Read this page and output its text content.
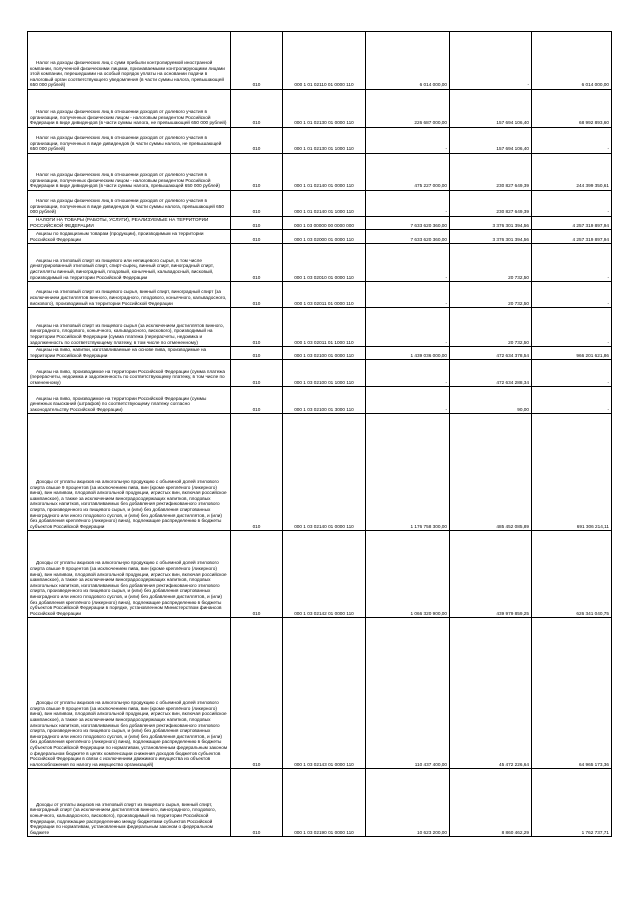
Налог на доходы физических лиц с сумм прибыли контролируемой иностранной компании, полученной физическими лицами, признаваемыми контролирующими лицами этой компании, перешедшими на особый порядок уплаты на основании подачи в налоговый орган соответствующего уведомления (в части суммы налога, превышающей 650 000 рублей)	010	000 1 01 02110 01 0000 110	6 014 000,00	-	6 014 000,00

Налог на доходы физических лиц в отношении доходов от долевого участия в организации, полученных физическим лицом - налоговым резидентом Российской Федерации в виде дивидендов (в части суммы налога, не превышающей 650 000 рублей)	010	000 1 01 02130 01 0000 110	226 687 000,00	157 694 106,40	68 992 893,60

Налог на доходы физических лиц в отношении доходов от долевого участия в организации, полученных в виде дивидендов (в части суммы налога, не превышающей 650 000 рублей)	010	000 1 01 02130 01 1000 110	-	157 694 106,40	-

Налог на доходы физических лиц в отношении доходов от долевого участия в организации, полученных физическим лицом - налоговым резидентом Российской Федерации в виде дивидендов (в части суммы налога, превышающей 650 000 рублей)	010	000 1 01 02140 01 0000 110	475 227 000,00	230 827 649,39	244 399 350,61

Налог на доходы физических лиц в отношении доходов от долевого участия в организации, полученных в виде дивидендов (в части суммы налога, превышающей 650 000 рублей)	010	000 1 01 02140 01 1000 110	-	230 827 649,39	-

НАЛОГИ НА ТОВАРЫ (РАБОТЫ, УСЛУГИ), РЕАЛИЗУЕМЫЕ НА ТЕРРИТОРИИ РОССИЙСКОЙ ФЕДЕРАЦИИ	010	000 1 03 00000 00 0000 000	7 633 620 360,00	3 376 301 394,56	4 257 319 897,94

Акцизы по подакцизным товарам (продукции), производимым на территории Российской Федерации	010	000 1 03 02000 01 0000 110	7 633 620 360,00	3 376 301 394,56	4 257 319 897,94

Акцизы на этиловый спирт из пищевого или непищевого сырья, в том числе денатурированный этиловый спирт, спирт-сырец, винный спирт, виноградный спирт, дистилляты винный, виноградный, плодовый, коньячный, кальвадосный, висковый, производимый на территории Российской Федерации	010	000 1 03 02010 01 0000 110	-	20 732,50	-

Акцизы на этиловый спирт из пищевого сырья, винный спирт, виноградный спирт (за исключением дистиллятов винного, виноградного, плодового, коньячного, кальвадосного, вискового), производимый на территории Российской Федерации	010	000 1 03 02011 01 0000 110	-	20 732,50	-

Акцизы на этиловый спирт из пищевого сырья (за исключением дистиллятов винного, виноградного, плодового, коньячного, кальвадосного, вискового), производимый на территории Российской Федерации (сумма платежа (перерасчеты, недоимка и задолженность по соответствующему платежу, в том числе по отмененному)	010	000 1 03 02011 01 1000 110	-	20 732,50	-

Акцизы на пиво, напитки, изготавливаемые на основе пива, производимые на территории Российской Федерации	010	000 1 03 02100 01 0000 110	1 439 036 000,00	472 634 378,54	966 201 621,86

Акцизы на пиво, производимое на территории Российской Федерации (сумма платежа (перерасчеты, недоимка и задолженность по соответствующему платежу, в том числе по отмененному)	010	000 1 03 02100 01 1000 110	-	472 634 288,34	-

Акцизы на пиво, производимое на территории Российской Федерации (суммы денежных взысканий (штрафов) по соответствующему платежу согласно законодательству Российской Федерации)	010	000 1 03 02100 01 3000 110	-	90,00	-

Доходы от уплаты акцизов на алкогольную продукцию с объемной долей этилового спирта свыше 9 процентов (за исключением пива, вин (кроме креплёного (ликерного) вина), вин наливом, плодовой алкогольной продукции, игристых вин, включая российское шампанское), а также за исключением виноградосодержащих напитков, плодовых алкогольных напитков, изготавливаемых без добавления ректификованного этилового спирта, произведенного из пищевого сырья, и (или) без добавления спиртованных виноградного или иного плодового суслов, и (или) без добавления дистиллятов, и (или) без добавления креплёного (ликерного) вина), подлежащие распределению в бюджеты субъектов Российской Федерации	010	000 1 03 02140 01 0000 110	1 176 758 300,00	485 452 085,89	691 306 214,11

Доходы от уплаты акцизов на алкогольную продукцию с объемной долей этилового спирта свыше 9 процентов (за исключением пива, вин (кроме креплёного (ликерного) вина), вин наливом, плодовой алкогольной продукции, игристых вин, включая российское шампанское), а также за исключением виноградосодержащих напитков, плодовых алкогольных напитков, изготавливаемых без добавления ректификованного этилового спирта, произведенного из пищевого сырья, и (или) без добавления спиртованных виноградного или иного плодового суслов, и (или) без добавления дистиллятов, и (или) без добавления креплёного (ликерного) вина), подлежащие распределению в бюджеты субъектов Российской Федерации в порядке, установленном Министерством финансов Российской Федерации	010	000 1 03 02142 01 0000 110	1 066 320 900,00	439 979 859,25	626 341 040,75

Доходы от уплаты акцизов на алкогольную продукцию с объемной долей этилового спирта свыше 9 процентов (за исключением пива, вин (кроме креплёного (ликерного) вина), вин наливом, плодовой алкогольной продукции, игристых вин, включая российское шампанское), а также за исключением виноградосодержащих напитков, плодовых алкогольных напитков, изготавливаемых без добавления ректификованного этилового спирта, произведенного из пищевого сырья, и (или) без добавления спиртованных виноградного или иного плодового суслов, и (или) без добавления дистиллятов, и (или) без добавления креплёного (ликерного) вина), подлежащие распределению в бюджеты субъектов Российской Федерации по нормативам, установленным федеральным законом о федеральном бюджете в целях компенсации снижения доходов бюджетов субъектов Российской Федерации в связи с исключением движимого имущества из объектов налогообложения по налогу на имущество организаций)	010	000 1 03 02143 01 0000 110	110 437 400,00	45 472 226,64	64 965 173,36

Доходы от уплаты акцизов на этиловый спирт из пищевого сырья, винный спирт, виноградный спирт (за исключением дистиллятов винного, виноградного, плодового, коньячного, кальвадосного, вискового), производимый на территории Российской Федерации, подлежащие распределению между бюджетами субъектов Российской Федерации по нормативам, установленным федеральным законом о федеральном бюджете	010	000 1 03 02190 01 0000 110	10 623 200,00	8 860 462,29	1 762 737,71
